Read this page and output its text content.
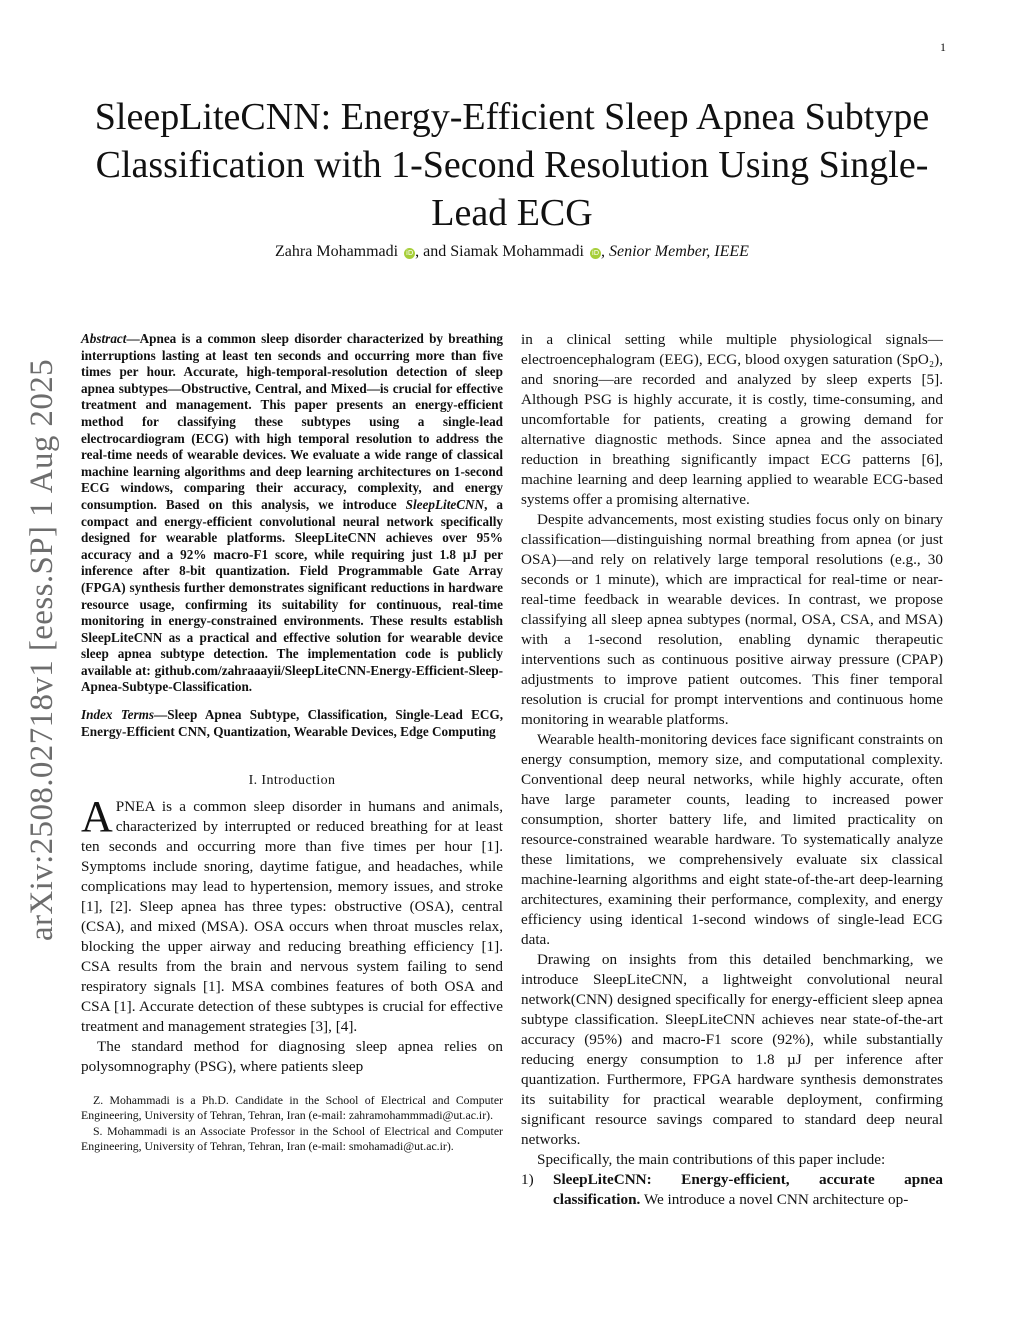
1
arXiv:2508.02718v1 [eess.SP] 1 Aug 2025
SleepLiteCNN: Energy-Efficient Sleep Apnea Subtype Classification with 1-Second Resolution Using Single-Lead ECG
Zahra Mohammadi iD , and Siamak Mohammadi iD , Senior Member, IEEE

Abstract—Apnea is a common sleep disorder characterized by breathing interruptions lasting at least ten seconds and occurring more than five times per hour. Accurate, high-temporal-resolution detection of sleep apnea subtypes—Obstructive, Central, and Mixed—is crucial for effective treatment and management. This paper presents an energy-efficient method for classifying these subtypes using a single-lead electrocardiogram (ECG) with high temporal resolution to address the real-time needs of wearable devices. We evaluate a wide range of classical machine learning algorithms and deep learning architectures on 1-second ECG windows, comparing their accuracy, complexity, and energy consumption. Based on this analysis, we introduce SleepLiteCNN, a compact and energy-efficient convolutional neural network specifically designed for wearable platforms. SleepLiteCNN achieves over 95% accuracy and a 92% macro-F1 score, while requiring just 1.8 µJ per inference after 8-bit quantization. Field Programmable Gate Array (FPGA) synthesis further demonstrates significant reductions in hardware resource usage, confirming its suitability for continuous, real-time monitoring in energy-constrained environments. These results establish SleepLiteCNN as a practical and effective solution for wearable device sleep apnea subtype detection. The implementation code is publicly available at: github.com/zahraaayii/SleepLiteCNN-Energy-Efficient-Sleep-Apnea-Subtype-Classification.

Index Terms—Sleep Apnea Subtype, Classification, Single-Lead ECG, Energy-Efficient CNN, Quantization, Wearable Devices, Edge Computing

I. Introduction

APNEA is a common sleep disorder in humans and animals, characterized by interrupted or reduced breathing for at least ten seconds and occurring more than five times per hour [1]. Symptoms include snoring, daytime fatigue, and headaches, while complications may lead to hypertension, memory issues, and stroke [1], [2]. Sleep apnea has three types: obstructive (OSA), central (CSA), and mixed (MSA). OSA occurs when throat muscles relax, blocking the upper airway and reducing breathing efficiency [1]. CSA results from the brain and nervous system failing to send respiratory signals [1]. MSA combines features of both OSA and CSA [1]. Accurate detection of these subtypes is crucial for effective treatment and management strategies [3], [4].

The standard method for diagnosing sleep apnea relies on polysomnography (PSG), where patients sleep

Z. Mohammadi is a Ph.D. Candidate in the School of Electrical and Computer Engineering, University of Tehran, Tehran, Iran (e-mail: zahramohammmadi@ut.ac.ir).

S. Mohammadi is an Associate Professor in the School of Electrical and Computer Engineering, University of Tehran, Tehran, Iran (e-mail: smohamadi@ut.ac.ir).

in a clinical setting while multiple physiological signals—electroencephalogram (EEG), ECG, blood oxygen saturation (SpO₂), and snoring—are recorded and analyzed by sleep experts [5]. Although PSG is highly accurate, it is costly, time-consuming, and uncomfortable for patients, creating a growing demand for alternative diagnostic methods. Since apnea and the associated reduction in breathing significantly impact ECG patterns [6], machine learning and deep learning applied to wearable ECG-based systems offer a promising alternative.

Despite advancements, most existing studies focus only on binary classification—distinguishing normal breathing from apnea (or just OSA)—and rely on relatively large temporal resolutions (e.g., 30 seconds or 1 minute), which are impractical for real-time or near-real-time feedback in wearable devices. In contrast, we propose classifying all sleep apnea subtypes (normal, OSA, CSA, and MSA) with a 1-second resolution, enabling dynamic therapeutic interventions such as continuous positive airway pressure (CPAP) adjustments to improve patient outcomes. This finer temporal resolution is crucial for prompt interventions and continuous home monitoring in wearable platforms.

Wearable health-monitoring devices face significant constraints on energy consumption, memory size, and computational complexity. Conventional deep neural networks, while highly accurate, often have large parameter counts, leading to increased power consumption, shorter battery life, and limited practicality on resource-constrained wearable hardware. To systematically analyze these limitations, we comprehensively evaluate six classical machine-learning algorithms and eight state-of-the-art deep-learning architectures, examining their performance, complexity, and energy efficiency using identical 1-second windows of single-lead ECG data.

Drawing on insights from this detailed benchmarking, we introduce SleepLiteCNN, a lightweight convolutional neural network(CNN) designed specifically for energy-efficient sleep apnea subtype classification. SleepLiteCNN achieves near state-of-the-art accuracy (95%) and macro-F1 score (92%), while substantially reducing energy consumption to 1.8 µJ per inference after quantization. Furthermore, FPGA hardware synthesis demonstrates its suitability for practical wearable deployment, confirming significant resource savings compared to standard deep neural networks.

Specifically, the main contributions of this paper include:

1)	SleepLiteCNN: Energy-efficient, accurate apnea classification. We introduce a novel CNN architecture op-
